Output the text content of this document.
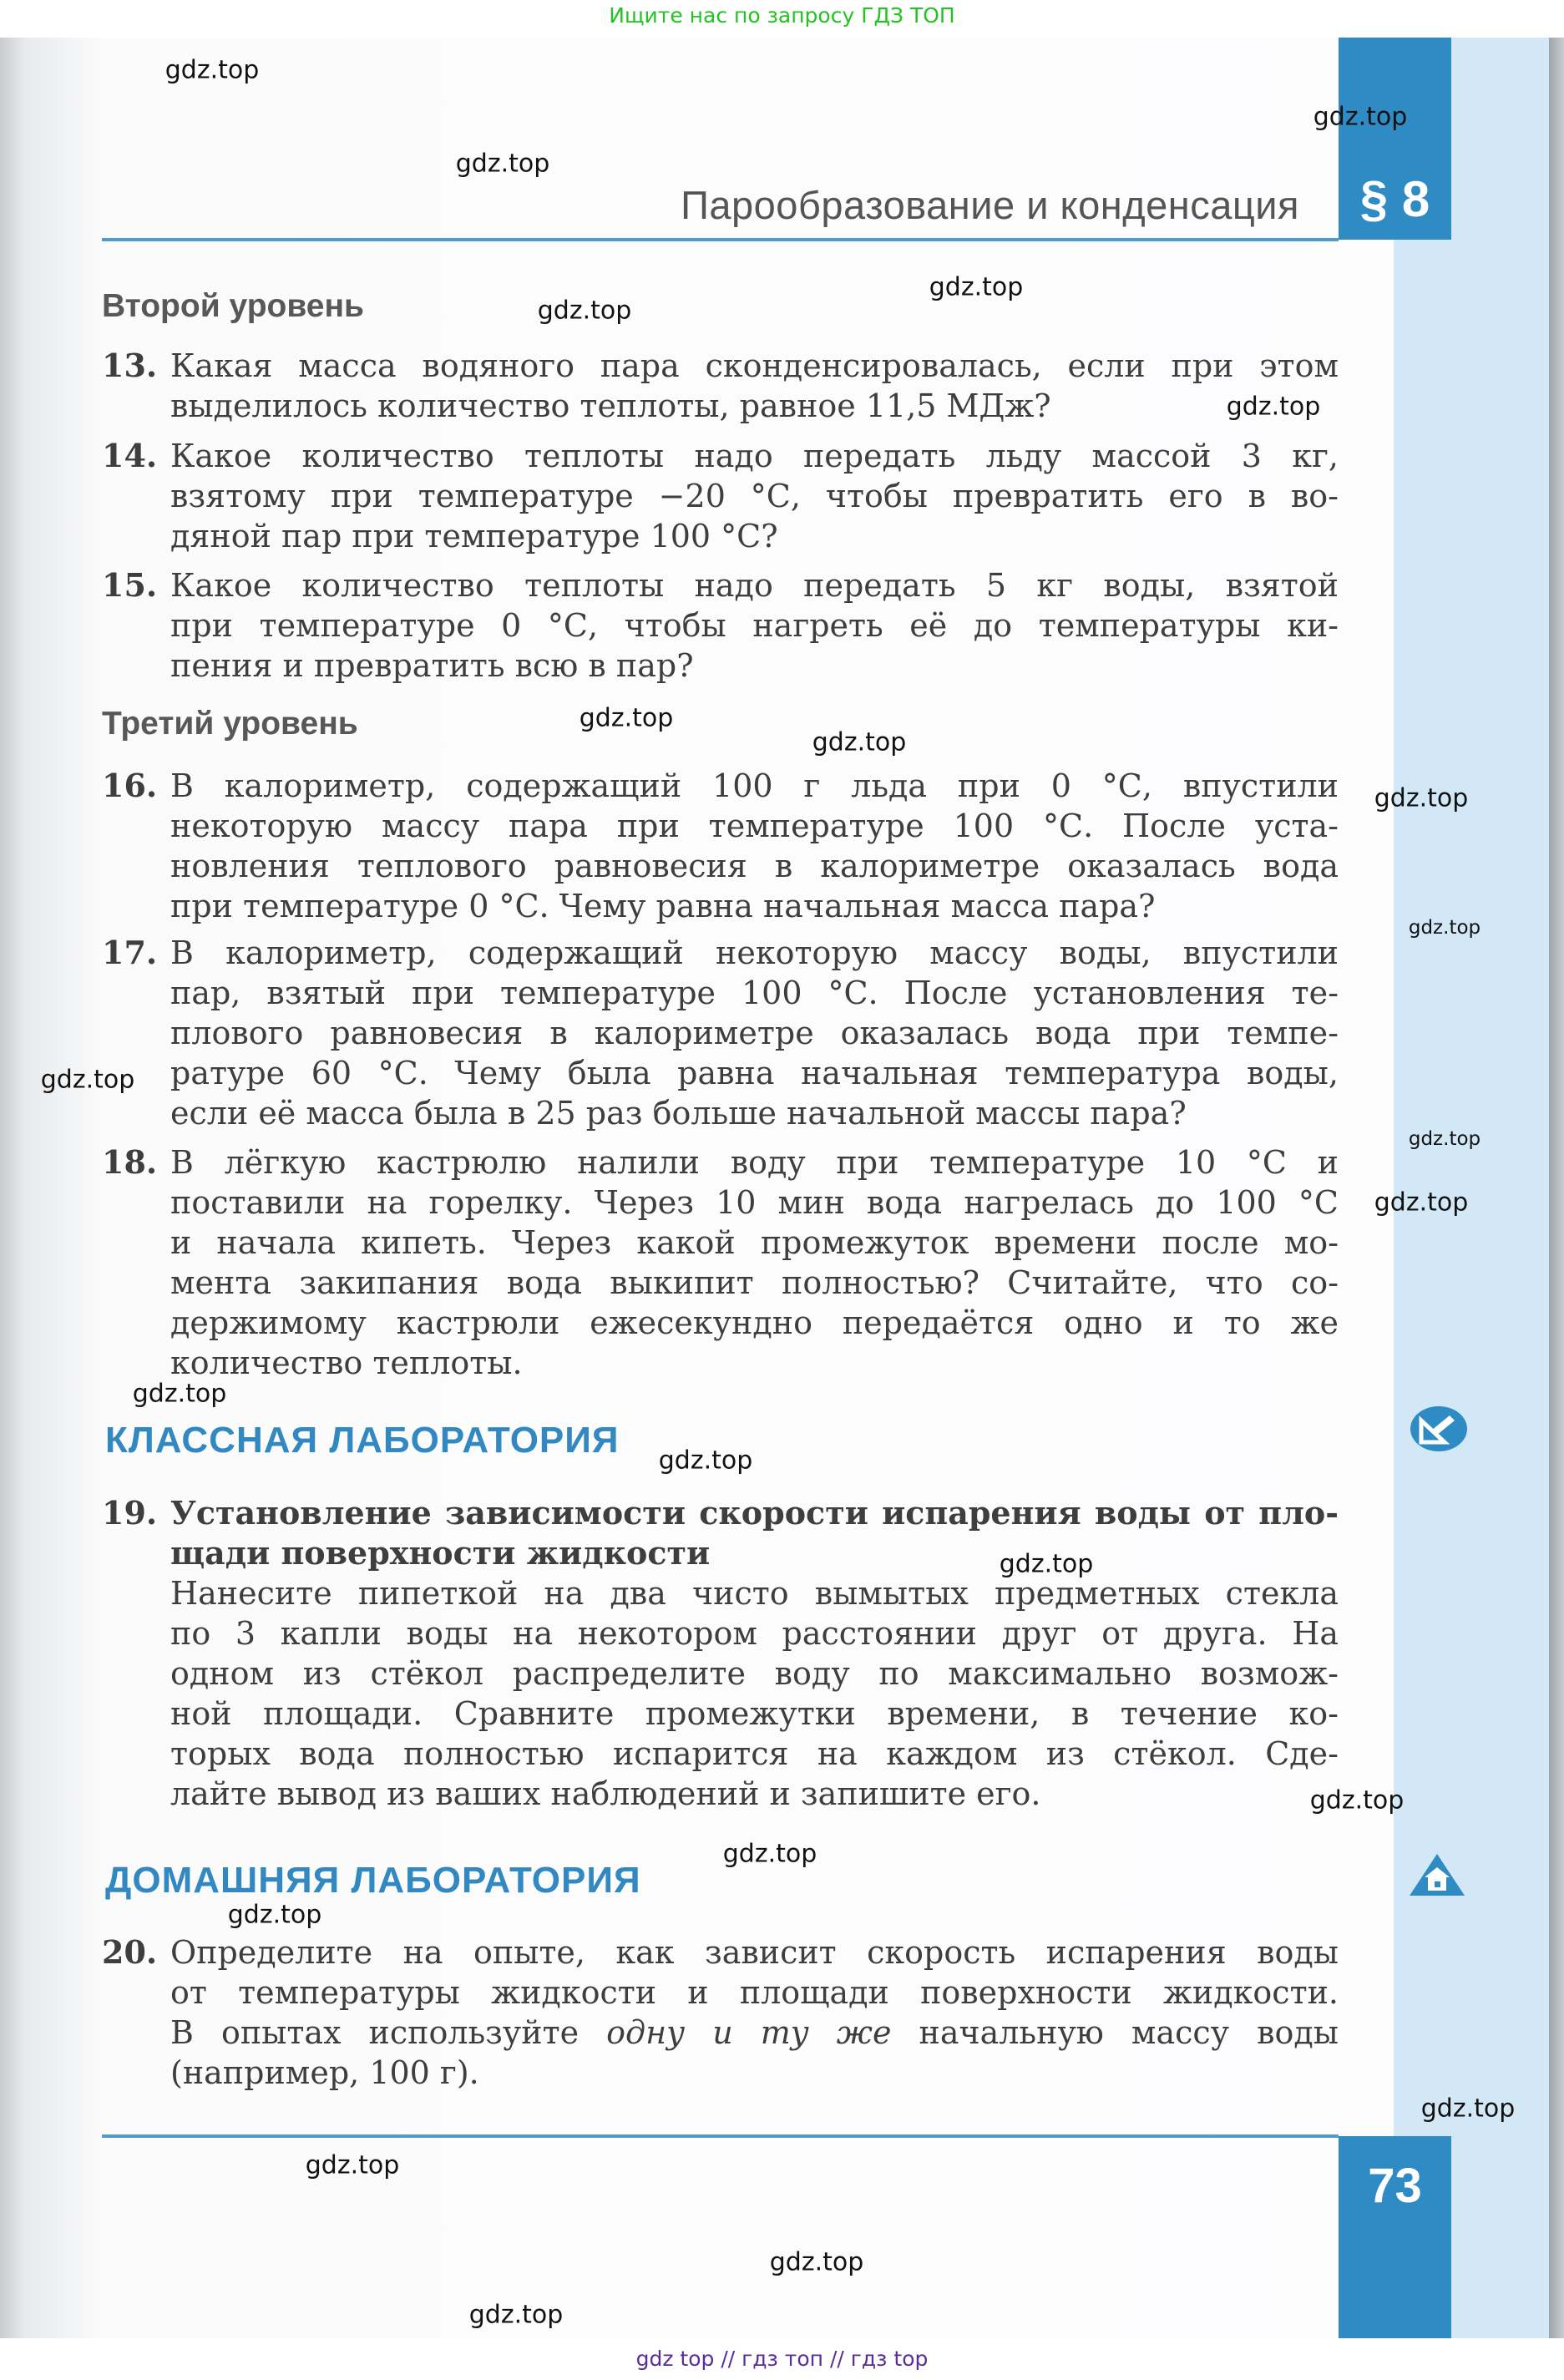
Ищите нас по запросу ГДЗ ТОП
§ 8
Парообразование и конденсация
Второй уровень
Третий уровень
КЛАССНАЯ ЛАБОРАТОРИЯ
ДОМАШНЯЯ ЛАБОРАТОРИЯ
13. Какая масса водяного пара сконденсировалась, если при этом
выделилось количество теплоты, равное 11,5 МДж?
14. Какое количество теплоты надо передать льду массой 3 кг,
взятому при температуре −20 °С, чтобы превратить его в во-
дяной пар при температуре 100 °С?
15. Какое количество теплоты надо передать 5 кг воды, взятой
при температуре 0 °С, чтобы нагреть её до температуры ки-
пения и превратить всю в пар?
16. В калориметр, содержащий 100 г льда при 0 °С, впустили
некоторую массу пара при температуре 100 °С. После уста-
новления теплового равновесия в калориметре оказалась вода
при температуре 0 °С. Чему равна начальная масса пара?
17. В калориметр, содержащий некоторую массу воды, впустили
пар, взятый при температуре 100 °С. После установления те-
плового равновесия в калориметре оказалась вода при темпе-
ратуре 60 °С. Чему была равна начальная температура воды,
если её масса была в 25 раз больше начальной массы пара?
18. В лёгкую кастрюлю налили воду при температуре 10 °С и
поставили на горелку. Через 10 мин вода нагрелась до 100 °С
и начала кипеть. Через какой промежуток времени после мо-
мента закипания вода выкипит полностью? Считайте, что со-
держимому кастрюли ежесекундно передаётся одно и то же
количество теплоты.
19. Установление зависимости скорости испарения воды от пло-
щади поверхности жидкости
Нанесите пипеткой на два чисто вымытых предметных стекла
по 3 капли воды на некотором расстоянии друг от друга. На
одном из стёкол распределите воду по максимально возмож-
ной площади. Сравните промежутки времени, в течение ко-
торых вода полностью испарится на каждом из стёкол. Сде-
лайте вывод из ваших наблюдений и запишите его.
20. Определите на опыте, как зависит скорость испарения воды
от температуры жидкости и площади поверхности жидкости.
В опытах используйте одну и ту же начальную массу воды
(например, 100 г).
73
gdz.top
gdz.top
gdz.top
gdz.top
gdz.top
gdz.top
gdz.top
gdz.top
gdz.top
gdz.top
gdz.top
gdz.top
gdz.top
gdz.top
gdz.top
gdz.top
gdz.top
gdz.top
gdz.top
gdz.top
gdz.top
gdz.top
gdz.top
gdz top // гдз топ // гдз top
